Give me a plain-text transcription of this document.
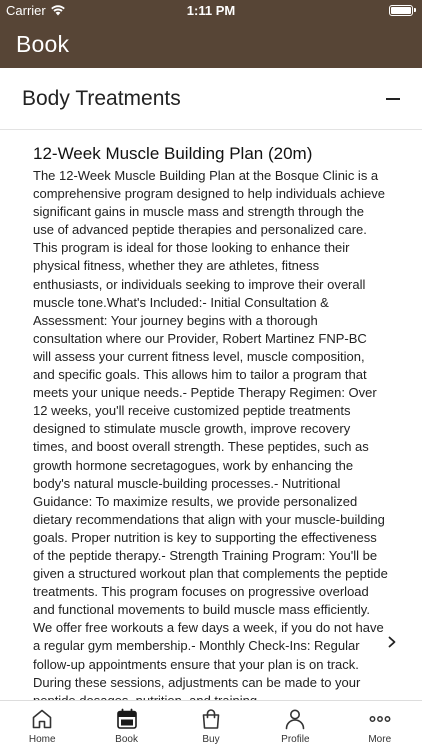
Carrier	1:11 PM
Book
Body Treatments
12-Week Muscle Building Plan (20m)
The 12-Week Muscle Building Plan at the Bosque Clinic is a comprehensive program designed to help individuals achieve significant gains in muscle mass and strength through the use of advanced peptide therapies and personalized care. This program is ideal for those looking to enhance their physical fitness, whether they are athletes, fitness enthusiasts, or individuals seeking to improve their overall muscle tone.What's Included:- Initial Consultation & Assessment: Your journey begins with a thorough consultation where our Provider, Robert Martinez FNP-BC will assess your current fitness level, muscle composition, and specific goals. This allows him to tailor a program that meets your unique needs.- Peptide Therapy Regimen: Over 12 weeks, you'll receive customized peptide treatments designed to stimulate muscle growth, improve recovery times, and boost overall strength. These peptides, such as growth hormone secretagogues, work by enhancing the body's natural muscle-building processes.- Nutritional Guidance: To maximize results, we provide personalized dietary recommendations that align with your muscle-building goals. Proper nutrition is key to supporting the effectiveness of the peptide therapy.- Strength Training Program: You'll be given a structured workout plan that complements the peptide treatments. This program focuses on progressive overload and functional movements to build muscle mass efficiently. We offer free workouts a few days a week, if you do not have a regular gym membership.- Monthly Check-Ins: Regular follow-up appointments ensure that your plan is on track. During these sessions, adjustments can be made to your
Home	Book	Buy	Profile	More
